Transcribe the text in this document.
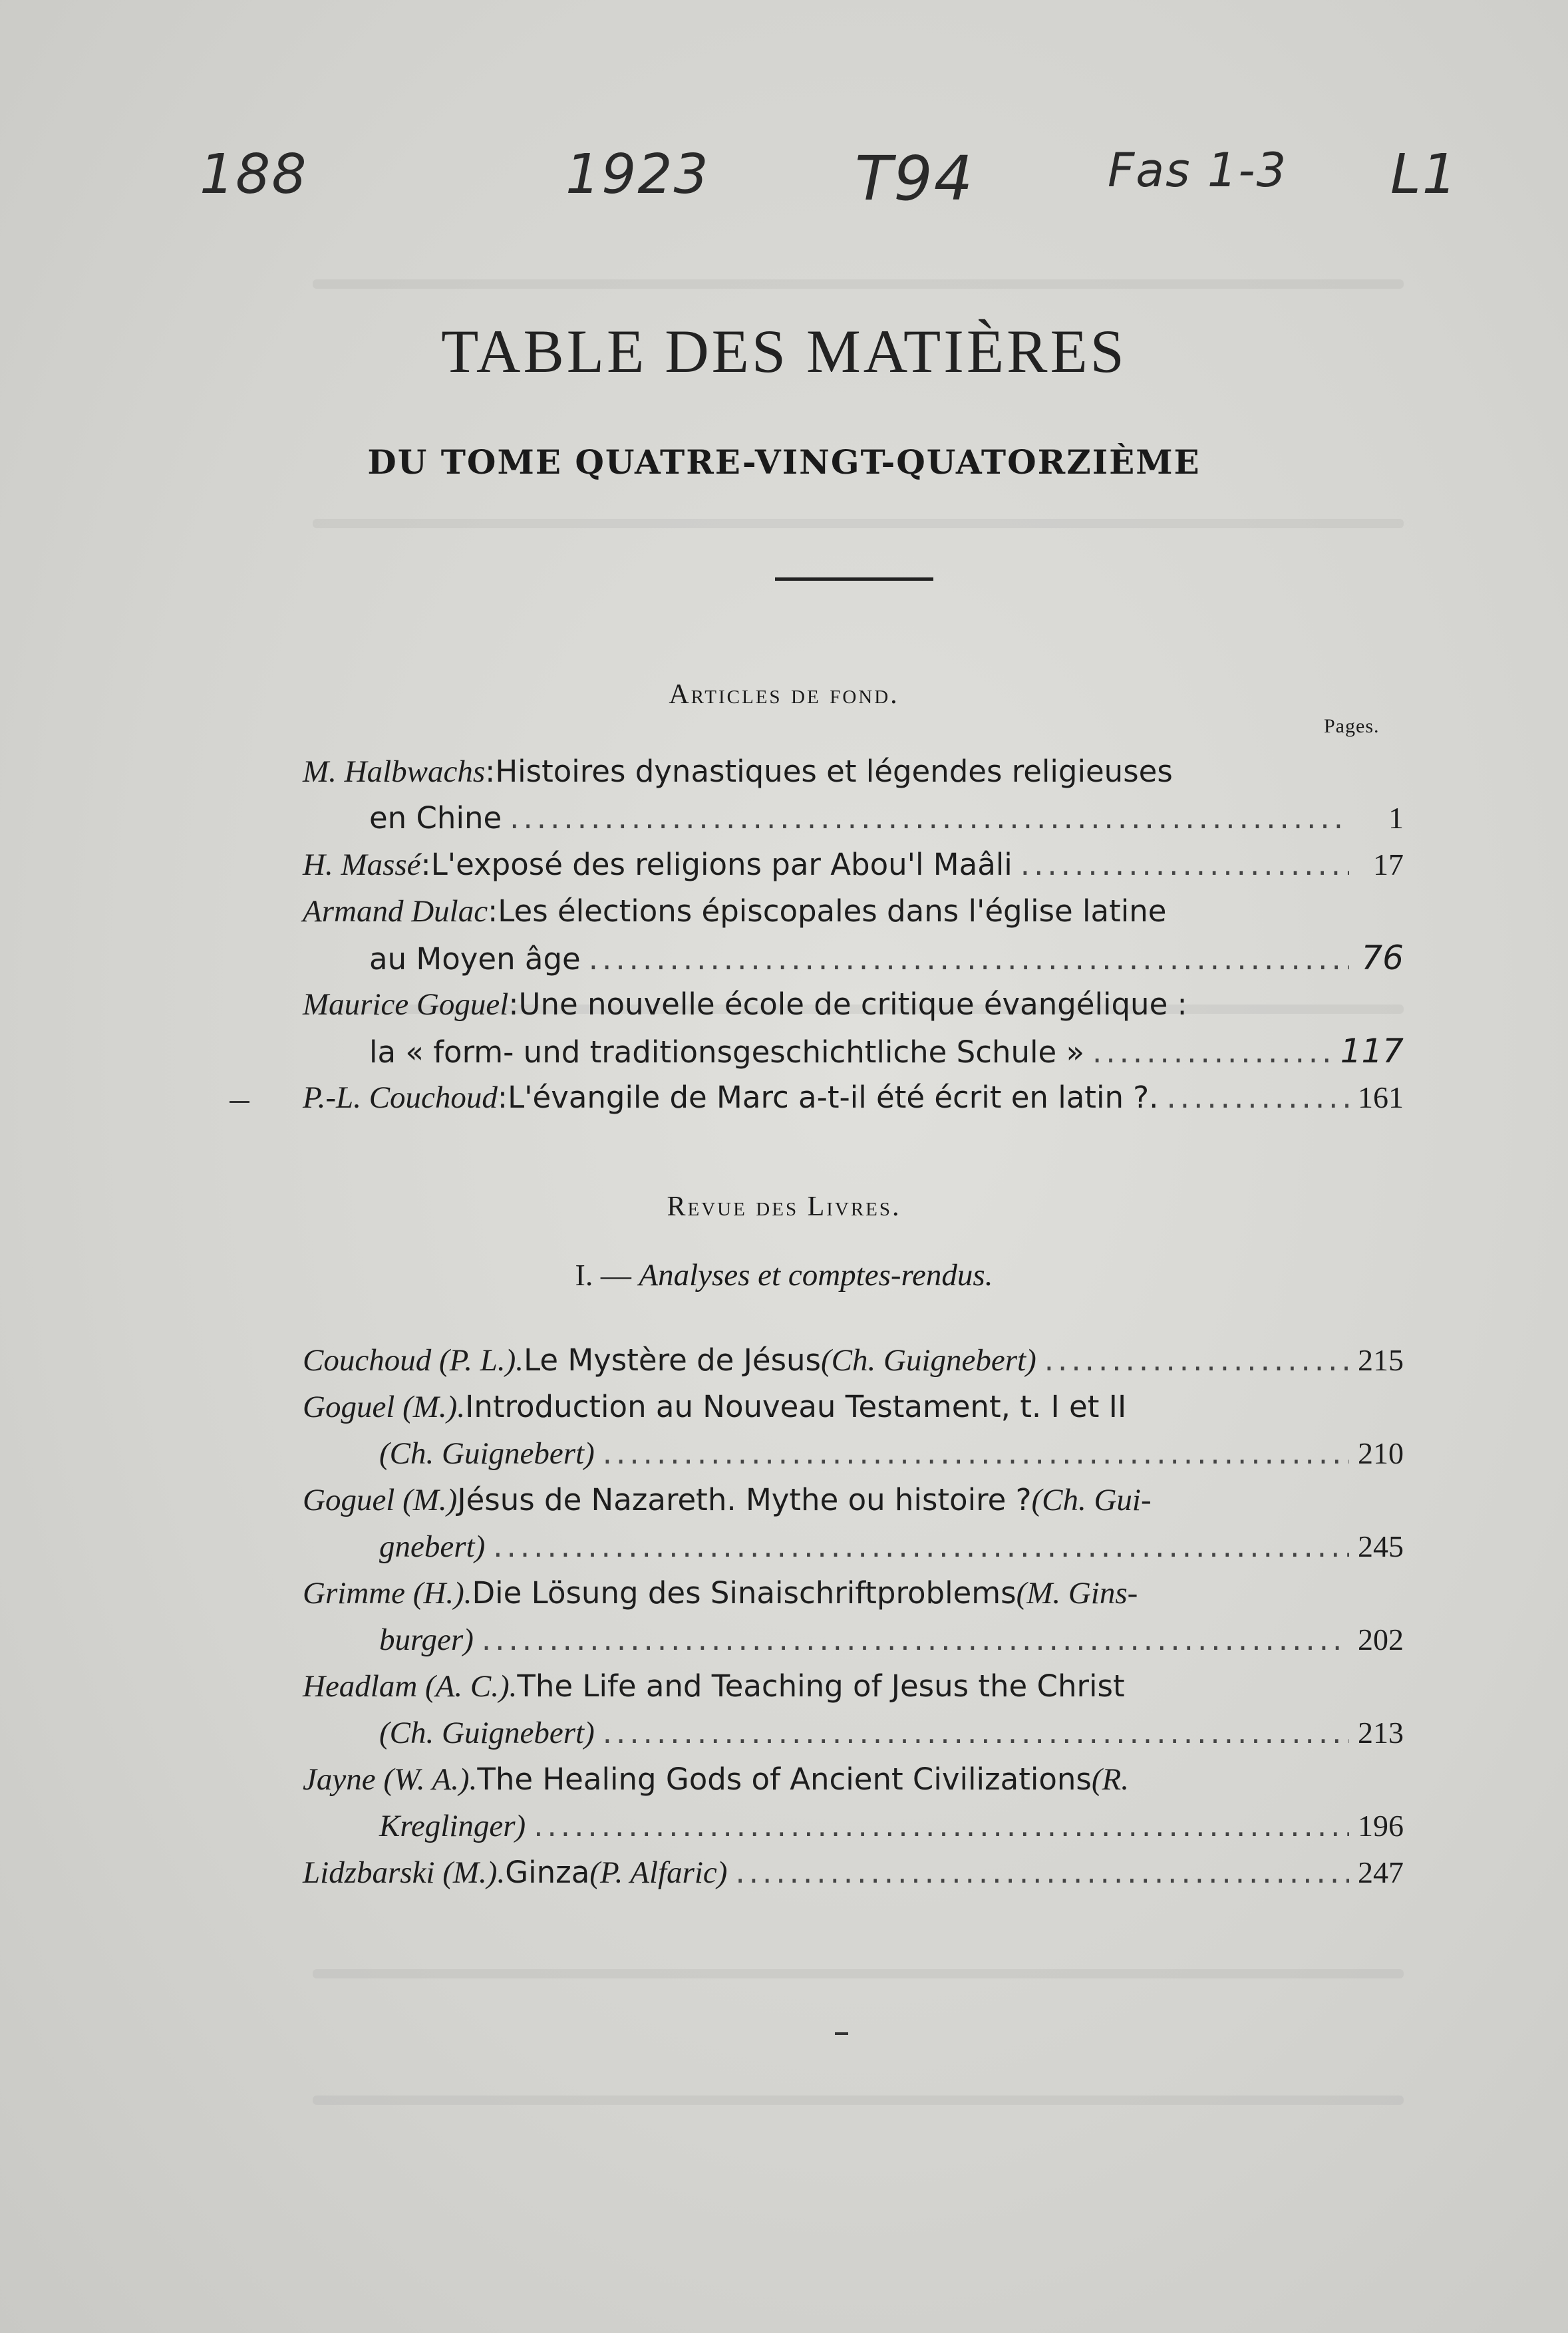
188	1923 T94	Fas 1-3 L1
TABLE DES MATIÈRES
DU TOME QUATRE-VINGT-QUATORZIÈME
Articles de fond.
Pages.
M. Halbwachs : Histoires dynastiques et légendes religieuses
en Chine .....	1
H. Massé : L'exposé des religions par Abou'l Maâli .....	17
Armand Dulac : Les élections épiscopales dans l'église latine
au Moyen âge .....	76
Maurice Goguel : Une nouvelle école de critique évangélique :
la « form- und traditionsgeschichtliche Schule » .....	117
P.-L. Couchoud : L'évangile de Marc a-t-il été écrit en latin ?. .....	161
Revue des Livres.
I. — Analyses et comptes-rendus.
Couchoud (P. L.). Le Mystère de Jésus (Ch. Guignebert) .....	215
Goguel (M.). Introduction au Nouveau Testament, t. I et II
(Ch. Guignebert) .....	210
Goguel (M.) Jésus de Nazareth. Mythe ou histoire ? (Ch. Gui-
gnebert) .....	245
Grimme (H.). Die Lösung des Sinaischriftproblems (M. Gins-
burger) .....	202
Headlam (A. C.). The Life and Teaching of Jesus the Christ
(Ch. Guignebert) .....	213
Jayne (W. A.). The Healing Gods of Ancient Civilizations (R.
Kreglinger) .....	196
Lidzbarski (M.). Ginza (P. Alfaric) .....	247
